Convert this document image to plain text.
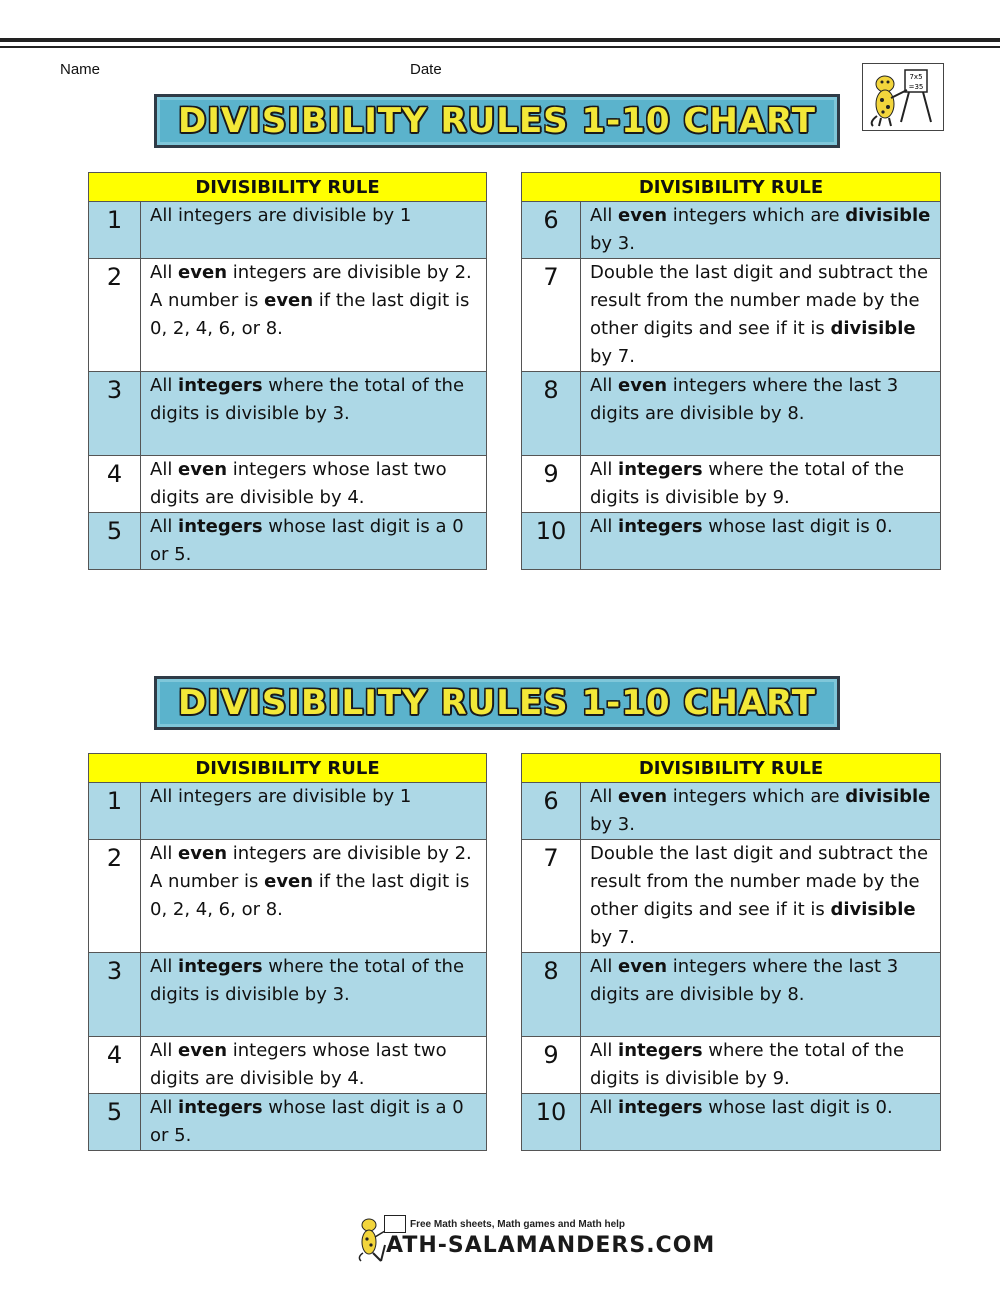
Name	Date	7x5
=35
DIVISIBILITY RULES 1-10 CHART
DIVISIBILITY RULE	
1	All integers are divisible by 1
2	All even integers are divisible by 2. A number is even if the last digit is 0, 2, 4, 6, or 8.
3	All integers where the total of the digits is divisible by 3.
4	All even integers whose last two digits are divisible by 4.
5	All integers whose last digit is a 0 or 5.
DIVISIBILITY RULE	
6	All even integers which are divisible by 3.
7	Double the last digit and subtract the result from the number made by the other digits and see if it is divisible by 7.
8	All even integers where the last 3 digits are divisible by 8.
9	All integers where the total of the digits is divisible by 9.
10	All integers whose last digit is 0.
DIVISIBILITY RULES 1-10 CHART
DIVISIBILITY RULE	
1	All integers are divisible by 1
2	All even integers are divisible by 2. A number is even if the last digit is 0, 2, 4, 6, or 8.
3	All integers where the total of the digits is divisible by 3.
4	All even integers whose last two digits are divisible by 4.
5	All integers whose last digit is a 0 or 5.
DIVISIBILITY RULE	
6	All even integers which are divisible by 3.
7	Double the last digit and subtract the result from the number made by the other digits and see if it is divisible by 7.
8	All even integers where the last 3 digits are divisible by 8.
9	All integers where the total of the digits is divisible by 9.
10	All integers whose last digit is 0.
Free Math sheets, Math games and Math help
ATH-SALAMANDERS.COM
